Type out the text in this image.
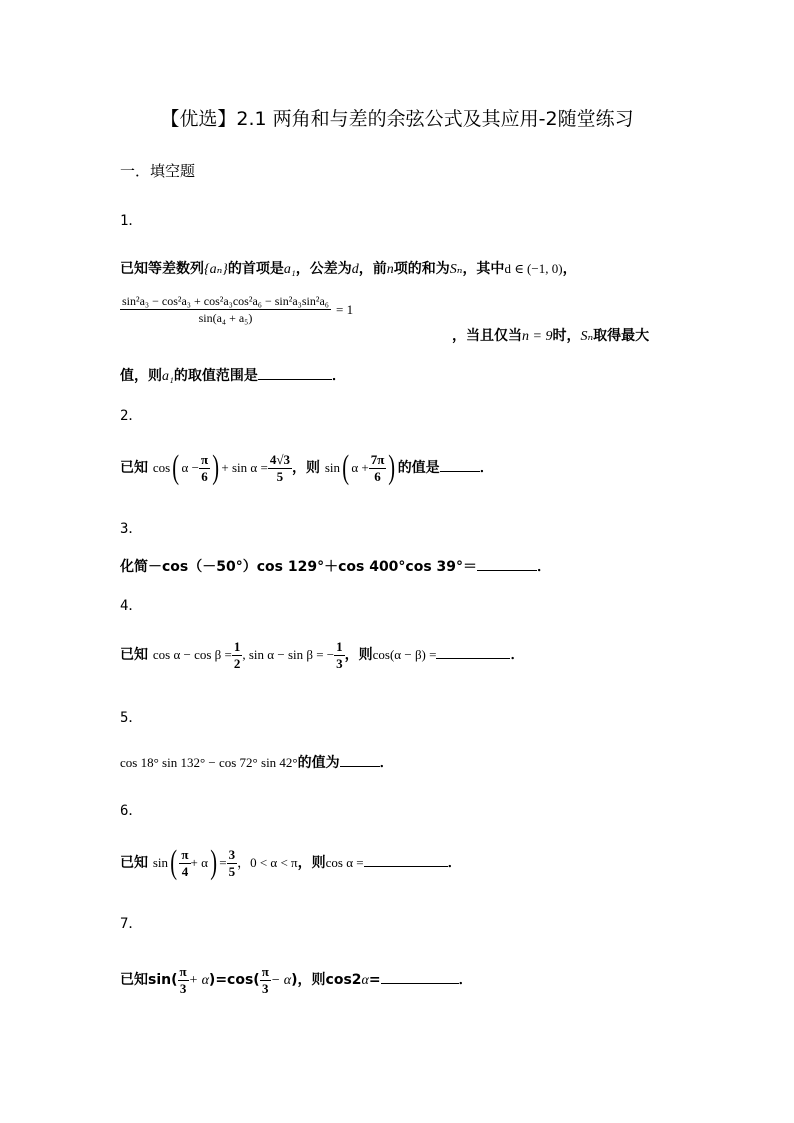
【优选】2.1 两角和与差的余弦公式及其应用-2随堂练习
一．填空题
1．
已知等差数列{aₙ}的首项是a₁，公差为d，前n项的和为Sₙ，其中d ∈ (−1, 0)，
$\frac{\text{sin²a₃ − cos²a₃ + cos²a₃cos²a₆ − sin²a₃sin²a₆}}{\text{sin(a₄ + a₅)}} = 1$
，当且仅当n = 9时，Sₙ取得最大
值，则a₁的取值范围是	．
2．
已知 cos( $\alpha - \frac{\pi}{6}$ ) + $\sin \alpha = \frac{4√3}{5}$ ，则 sin( $\alpha + \frac{7\pi}{6}$ ) 的值是	．
3．
化简－cos（－50°）cos 129°＋cos 400°cos 39°＝	．
4．
已知 $\cos \alpha - \cos \beta = \frac{1}{2}$ , sin α − sin β = − $\frac{1}{3}$ ，则cos(α − β) =	．
5．
cos 18° sin 132° − cos 72° sin 42°的值为	．
6．
已知 $\sin( \frac{\pi}{4} + \alpha) = \frac{3}{5}$ ，0 < α < π，则cos α =	．
7．
已知$\sin( \frac{\pi}{3} + \alpha)=\cos( \frac{\pi}{3} - \alpha)$，则cos2α=	．
